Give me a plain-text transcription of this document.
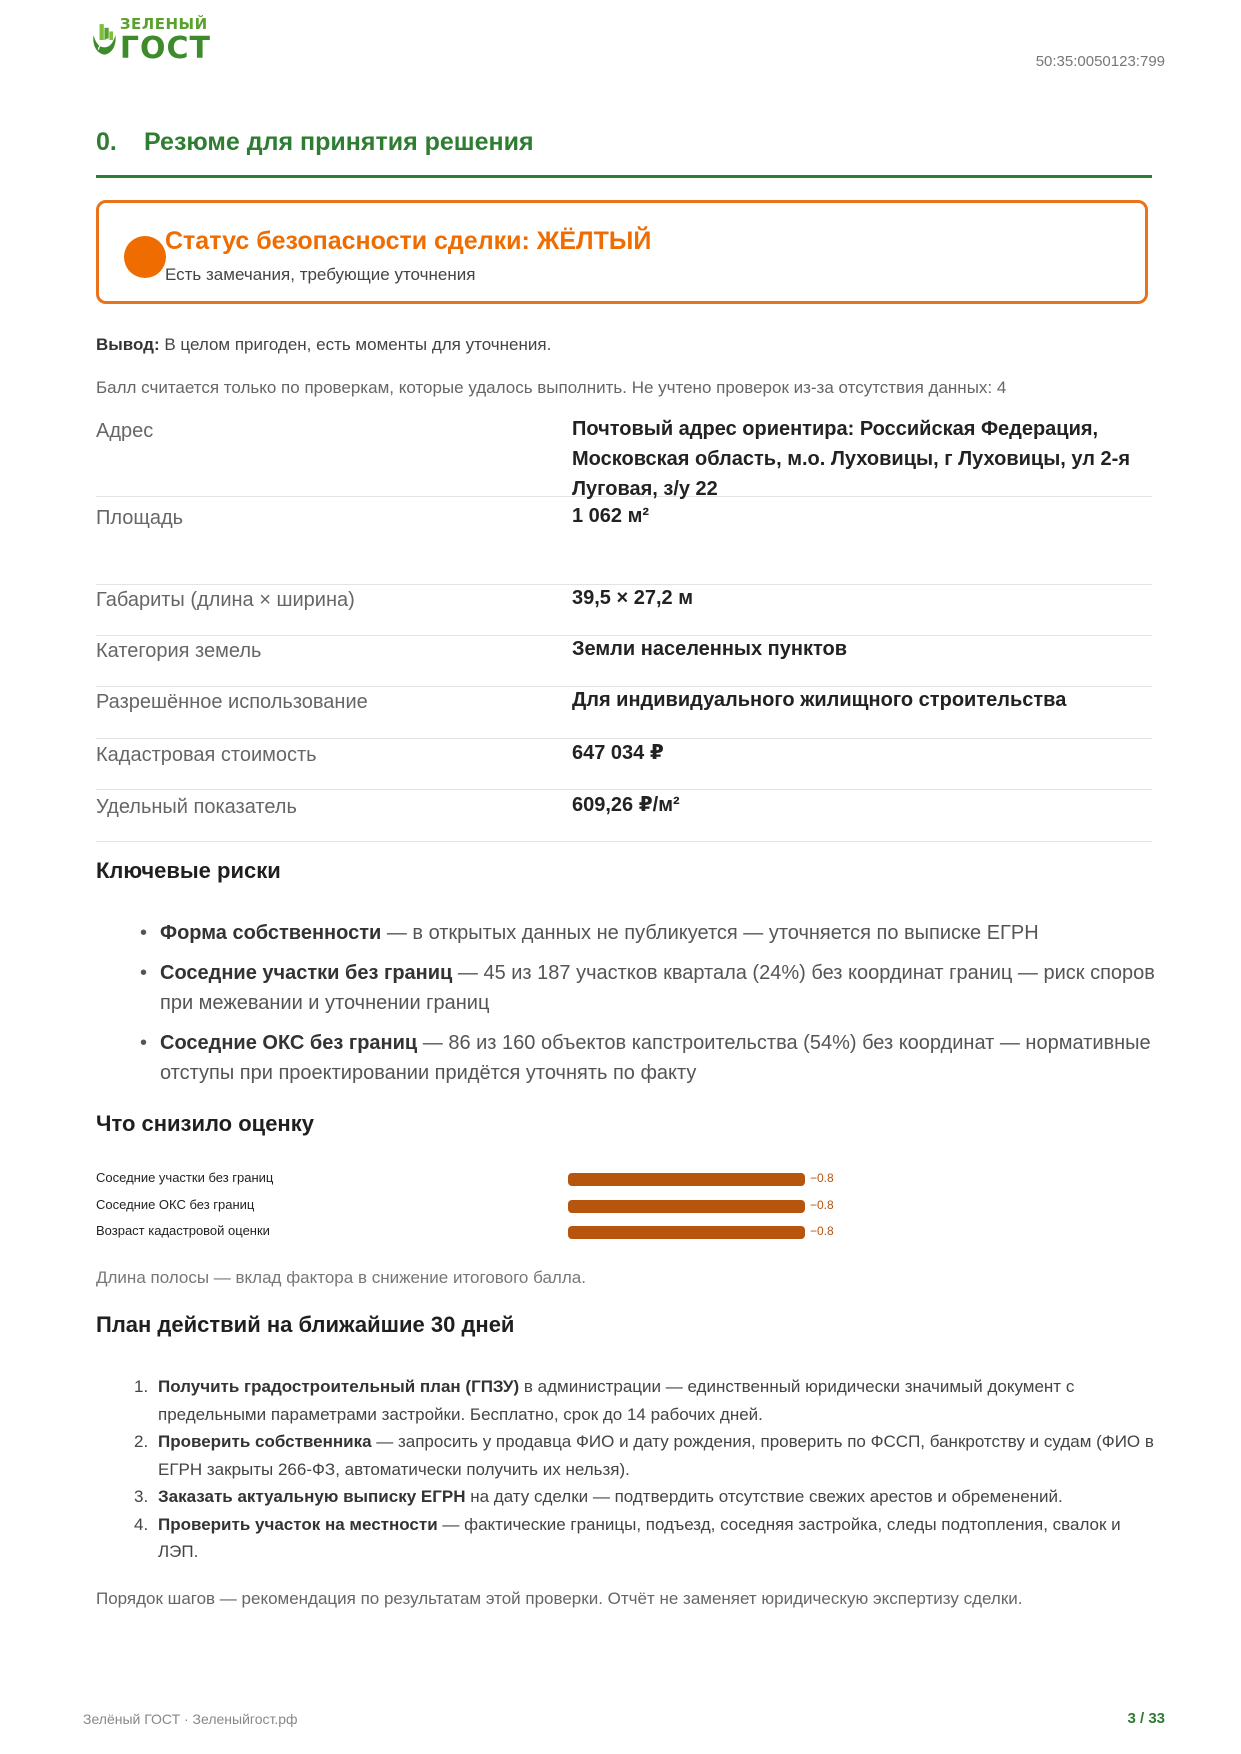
ЗЕЛЕНЫЙ
ГОСТ	50:35:0050123:799
0. Резюме для принятия решения
Статус безопасности сделки: ЖЁЛТЫЙ
Есть замечания, требующие уточнения
Вывод: В целом пригоден, есть моменты для уточнения.
Балл считается только по проверкам, которые удалось выполнить. Не учтено проверок из-за отсутствия данных: 4
Адрес	Почтовый адрес ориентира: Российская Федерация, Московская область, м.о. Луховицы, г Луховицы, ул 2-я Луговая, з/у 22
Площадь	1 062 м²
Габариты (длина × ширина)	39,5 × 27,2 м
Категория земель	Земли населенных пунктов
Разрешённое использование	Для индивидуального жилищного строительства
Кадастровая стоимость	647 034 ₽
Удельный показатель	609,26 ₽/м²
Ключевые риски
• Форма собственности — в открытых данных не публикуется — уточняется по выписке ЕГРН
• Соседние участки без границ — 45 из 187 участков квартала (24%) без координат границ — риск споров при межевании и уточнении границ
• Соседние ОКС без границ — 86 из 160 объектов капстроительства (54%) без координат — нормативные отступы при проектировании придётся уточнять по факту
Что снизило оценку
Соседние участки без границ	−0.8
Соседние ОКС без границ	−0.8
Возраст кадастровой оценки	−0.8
Длина полосы — вклад фактора в снижение итогового балла.
План действий на ближайшие 30 дней
1. Получить градостроительный план (ГПЗУ) в администрации — единственный юридически значимый документ с предельными параметрами застройки. Бесплатно, срок до 14 рабочих дней.
2. Проверить собственника — запросить у продавца ФИО и дату рождения, проверить по ФССП, банкротству и судам (ФИО в ЕГРН закрыты 266-ФЗ, автоматически получить их нельзя).
3. Заказать актуальную выписку ЕГРН на дату сделки — подтвердить отсутствие свежих арестов и обременений.
4. Проверить участок на местности — фактические границы, подъезд, соседняя застройка, следы подтопления, свалок и ЛЭП.
Порядок шагов — рекомендация по результатам этой проверки. Отчёт не заменяет юридическую экспертизу сделки.
Зелёный ГОСТ · Зеленыйгост.рф	3 / 33
